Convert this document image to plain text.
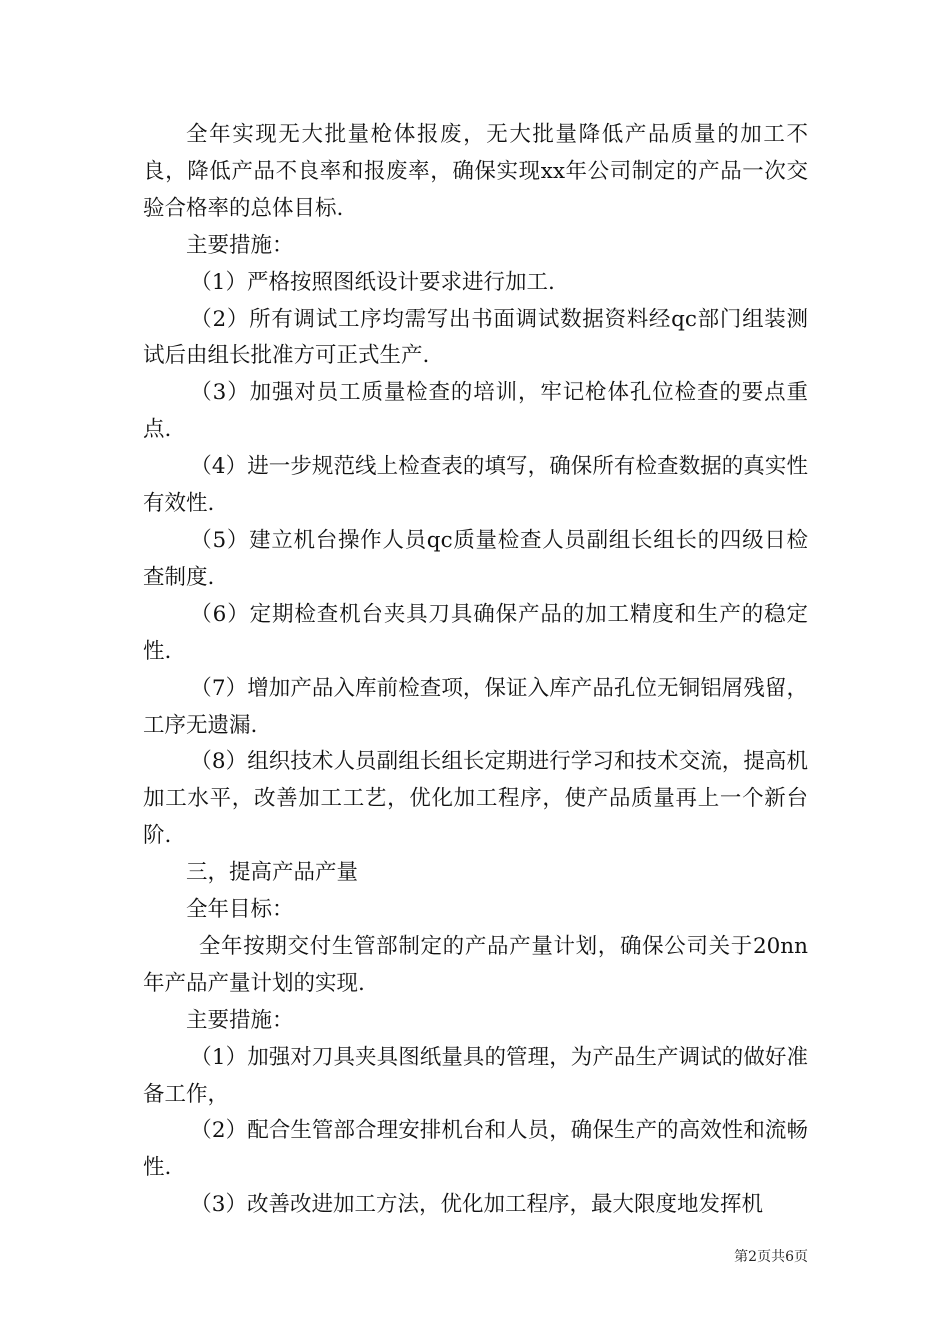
全年实现无大批量枪体报废，无大批量降低产品质量的加工不良，降低产品不良率和报废率，确保实现xx年公司制定的产品一次交验合格率的总体目标.

主要措施：

（1）严格按照图纸设计要求进行加工.

（2）所有调试工序均需写出书面调试数据资料经qc部门组装测试后由组长批准方可正式生产.

（3）加强对员工质量检查的培训，牢记枪体孔位检查的要点重点.

（4）进一步规范线上检查表的填写，确保所有检查数据的真实性有效性.

（5）建立机台操作人员qc质量检查人员副组长组长的四级日检查制度.

（6）定期检查机台夹具刀具确保产品的加工精度和生产的稳定性.

（7）增加产品入库前检查项，保证入库产品孔位无铜铝屑残留，工序无遗漏.

（8）组织技术人员副组长组长定期进行学习和技术交流，提高机加工水平，改善加工工艺，优化加工程序，使产品质量再上一个新台阶.

三，提高产品产量

全年目标：

全年按期交付生管部制定的产品产量计划，确保公司关于20nn年产品产量计划的实现.

主要措施：

（1）加强对刀具夹具图纸量具的管理，为产品生产调试的做好准备工作，

（2）配合生管部合理安排机台和人员，确保生产的高效性和流畅性.

（3）改善改进加工方法，优化加工程序，最大限度地发挥机

第2页共6页
